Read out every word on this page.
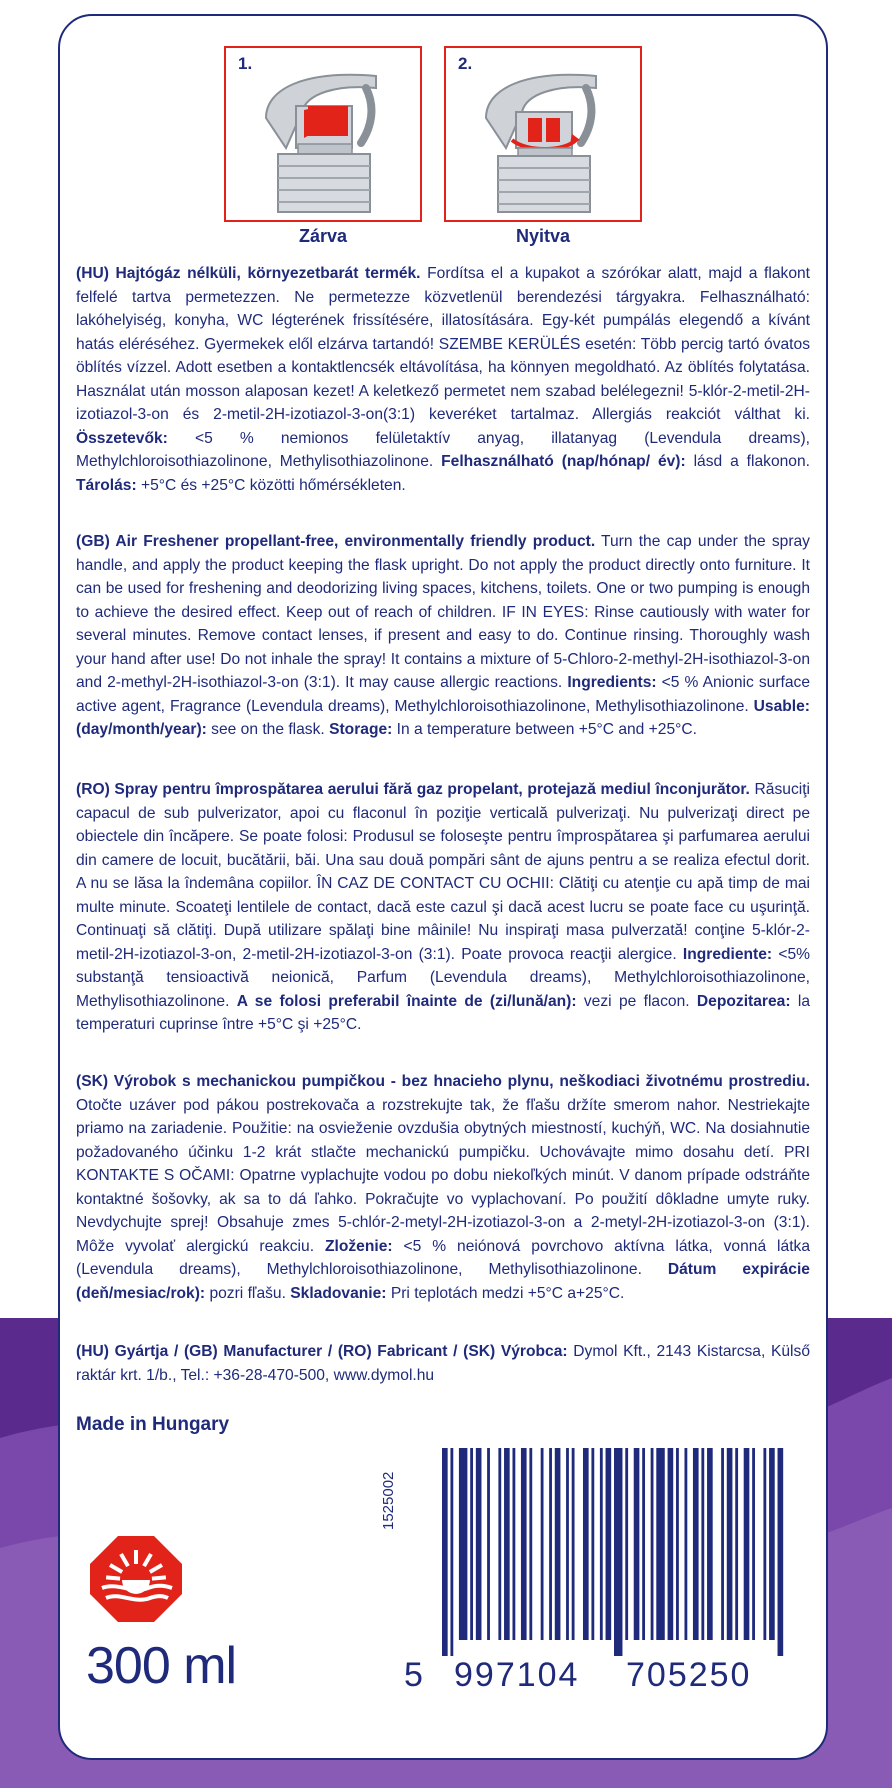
1.
Zárva
2.
Nyitva

(HU) Hajtógáz nélküli, környezetbarát termék. Fordítsa el a kupakot a szórókar alatt, majd a flakont felfelé tartva permetezzen. Ne permetezze közvetlenül berendezési tárgyakra. Felhasználható: lakóhelyiség, konyha, WC légterének frissítésére, illatosítására. Egy-két pumpálás elegendő a kívánt hatás eléréséhez. Gyermekek elől elzárva tartandó! SZEMBE KERÜLÉS esetén: Több percig tartó óvatos öblítés vízzel. Adott esetben a kontaktlencsék eltávolítása, ha könnyen megoldható. Az öblítés folytatása. Használat után mosson alaposan kezet! A keletkező permetet nem szabad belélegezni! 5-klór-2-metil-2H-izotiazol-3-on és 2-metil-2H-izotiazol-3-on(3:1) keveréket tartalmaz. Allergiás reakciót válthat ki. Összetevők: <5 % nemionos felületaktív anyag, illatanyag (Levendula dreams), Methylchloroisothiazolinone, Methylisothiazolinone. Felhasználható (nap/hónap/ év): lásd a flakonon. Tárolás: +5°C és +25°C közötti hőmérsékleten.

(GB) Air Freshener propellant-free, environmentally friendly product. Turn the cap under the spray handle, and apply the product keeping the flask upright. Do not apply the product directly onto furniture. It can be used for freshening and deodorizing living spaces, kitchens, toilets. One or two pumping is enough to achieve the desired effect. Keep out of reach of children. IF IN EYES: Rinse cautiously with water for several minutes. Remove contact lenses, if present and easy to do. Continue rinsing. Thoroughly wash your hand after use! Do not inhale the spray! It contains a mixture of 5-Chloro-2-methyl-2H-isothiazol-3-on and 2-methyl-2H-isothiazol-3-on (3:1). It may cause allergic reactions. Ingredients: <5 % Anionic surface active agent, Fragrance (Levendula dreams), Methylchloroisothiazolinone, Methylisothiazolinone. Usable: (day/month/year): see on the flask. Storage: In a temperature between +5°C and +25°C.

(RO) Spray pentru împrospătarea aerului fără gaz propelant, protejază mediul înconjurător. Răsuciţi capacul de sub pulverizator, apoi cu flaconul în poziţie verticală pulverizaţi. Nu pulverizaţi direct pe obiectele din încăpere. Se poate folosi: Produsul se foloseşte pentru împrospătarea şi parfumarea aerului din camere de locuit, bucătării, băi. Una sau două pompări sânt de ajuns pentru a se realiza efectul dorit. A nu se lăsa la îndemâna copiilor. ÎN CAZ DE CONTACT CU OCHII: Clătiţi cu atenţie cu apă timp de mai multe minute. Scoateţi lentilele de contact, dacă este cazul şi dacă acest lucru se poate face cu uşurinţă. Continuaţi să clătiţi. După utilizare spălaţi bine mâinile! Nu inspiraţi masa pulverzată! conţine 5-klór-2-metil-2H-izotiazol-3-on, 2-metil-2H-izotiazol-3-on (3:1). Poate provoca reacţii alergice. Ingrediente: <5% substanţă tensioactivă neionică, Parfum (Levendula dreams), Methylchloroisothiazolinone, Methylisothiazolinone. A se folosi preferabil înainte de (zi/lună/an): vezi pe flacon. Depozitarea: la temperaturi cuprinse între +5°C şi +25°C.

(SK) Výrobok s mechanickou pumpičkou - bez hnacieho plynu, neškodiaci životnému prostrediu. Otočte uzáver pod pákou postrekovača a rozstrekujte tak, že fľašu držíte smerom nahor. Nestriekajte priamo na zariadenie. Použitie: na osvieženie ovzdušia obytných miestností, kuchýň, WC. Na dosiahnutie požadovaného účinku 1-2 krát stlačte mechanickú pumpičku. Uchovávajte mimo dosahu detí. PRI KONTAKTE S OČAMI: Opatrne vyplachujte vodou po dobu niekoľkých minút. V danom prípade odstráňte kontaktné šošovky, ak sa to dá ľahko. Pokračujte vo vyplachovaní. Po použití dôkladne umyte ruky. Nevdychujte sprej! Obsahuje zmes 5-chlór-2-metyl-2H-izotiazol-3-on a 2-metyl-2H-izotiazol-3-on (3:1). Môže vyvolať alergickú reakciu. Zloženie: <5 % neiónová povrchovo aktívna látka, vonná látka (Levendula dreams), Methylchloroisothiazolinone, Methylisothiazolinone. Dátum expirácie (deň/mesiac/rok): pozri fľašu. Skladovanie: Pri teplotách medzi +5°C a+25°C.

(HU) Gyártja / (GB) Manufacturer / (RO) Fabricant / (SK) Výrobca: Dymol Kft., 2143 Kistarcsa, Külső raktár krt. 1/b., Tel.: +36-28-470-500, www.dymol.hu

Made in Hungary
1525002
5 997104 705250
300 ml
